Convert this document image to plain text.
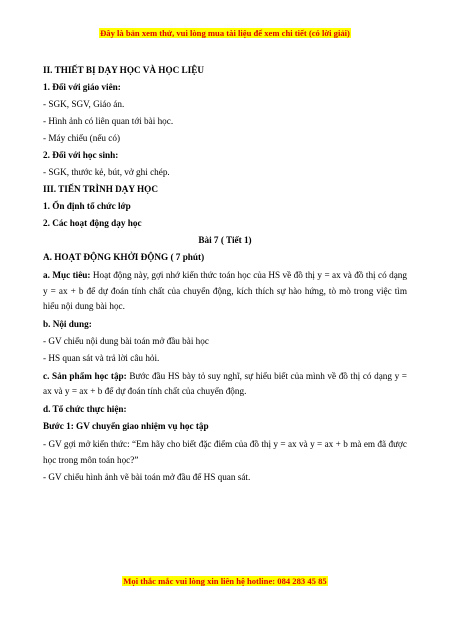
Đây là bản xem thử, vui lòng mua tài liệu để xem chi tiết (có lời giải)
II. THIẾT BỊ DẠY HỌC VÀ HỌC LIỆU
1. Đối với giáo viên:
- SGK, SGV, Giáo án.
- Hình ảnh có liên quan tới bài học.
- Máy chiếu (nếu có)
2. Đối với học sinh:
- SGK, thước kẻ, bút, vở ghi chép.
III. TIẾN TRÌNH DẠY HỌC
1. Ổn định tổ chức lớp
2. Các hoạt động dạy học
Bài 7 ( Tiết 1)
A. HOẠT ĐỘNG KHỞI ĐỘNG ( 7 phút)
a. Mục tiêu: Hoạt động này, gợi nhớ kiến thức toán học của HS về đồ thị y = ax và đồ thị có dạng y = ax + b để dự đoán tính chất của chuyển động, kích thích sự hào hứng, tò mò trong việc tìm hiểu nội dung bài học.
b. Nội dung:
- GV chiếu nội dung bài toán mở đầu bài học
- HS quan sát và trả lời câu hỏi.
c. Sản phẩm học tập: Bước đầu HS bày tỏ suy nghĩ, sự hiểu biết của mình về đồ thị có dạng y = ax và y = ax + b để dự đoán tính chất của chuyển động.
d. Tổ chức thực hiện:
Bước 1: GV chuyển giao nhiệm vụ học tập
- GV gợi mở kiến thức: “Em hãy cho biết đặc điểm của đồ thị y = ax và y = ax + b mà em đã được học trong môn toán học?”
- GV chiếu hình ảnh vẽ bài toán mở đầu để HS quan sát.
Mọi thắc mắc vui lòng xin liên hệ hotline: 084 283 45 85
